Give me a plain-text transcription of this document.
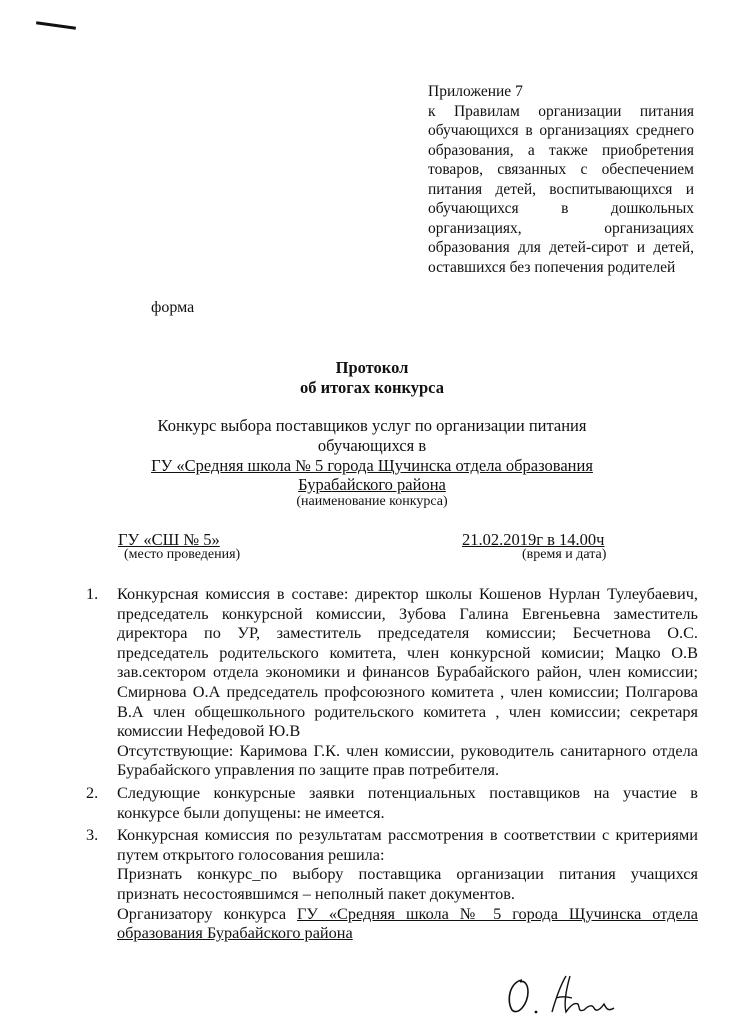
Приложение 7
к Правилам организации питания обучающихся в организациях среднего образования, а также приобретения товаров, связанных с обеспечением питания детей, воспитывающихся и обучающихся в дошкольных организациях, организациях образования для детей-сирот и детей, оставшихся без попечения родителей
форма
Протокол
об итогах конкурса
Конкурс выбора поставщиков услуг по организации питания
обучающихся в
ГУ «Средняя школа № 5 города Щучинска отдела образования
Бурабайского района
(наименование конкурса)
ГУ «СШ № 5»
(место проведения)
21.02.2019г в 14.00ч
(время и дата)
1.	Конкурсная комиссия в составе: директор школы Кошенов Нурлан Тулеубаевич, председатель конкурсной комиссии, Зубова Галина Евгеньевна заместитель директора по УР, заместитель председателя комиссии; Бесчетнова О.С. председатель родительского комитета, член конкурсной комисии; Мацко О.В зав.сектором отдела экономики и финансов Бурабайского район, член комиссии; Смирнова О.А председатель профсоюзного комитета , член комиссии; Полгарова В.А член общешкольного родительского комитета , член комиссии; секретаря комиссии Нефедовой Ю.В
Отсутствующие: Каримова Г.К. член комиссии, руководитель санитарного отдела Бурабайского управления по защите прав потребителя.
2.	Следующие конкурсные заявки потенциальных поставщиков на участие в конкурсе были допущены: не имеется.
3.	Конкурсная комиссия по результатам рассмотрения в соответствии с критериями путем открытого голосования решила:
Признать конкурс_по выбору поставщика организации питания учащихся признать несостоявшимся – неполный пакет документов.
Организатору конкурса ГУ «Средняя школа № 5 города Щучинска отдела образования Бурабайского района
